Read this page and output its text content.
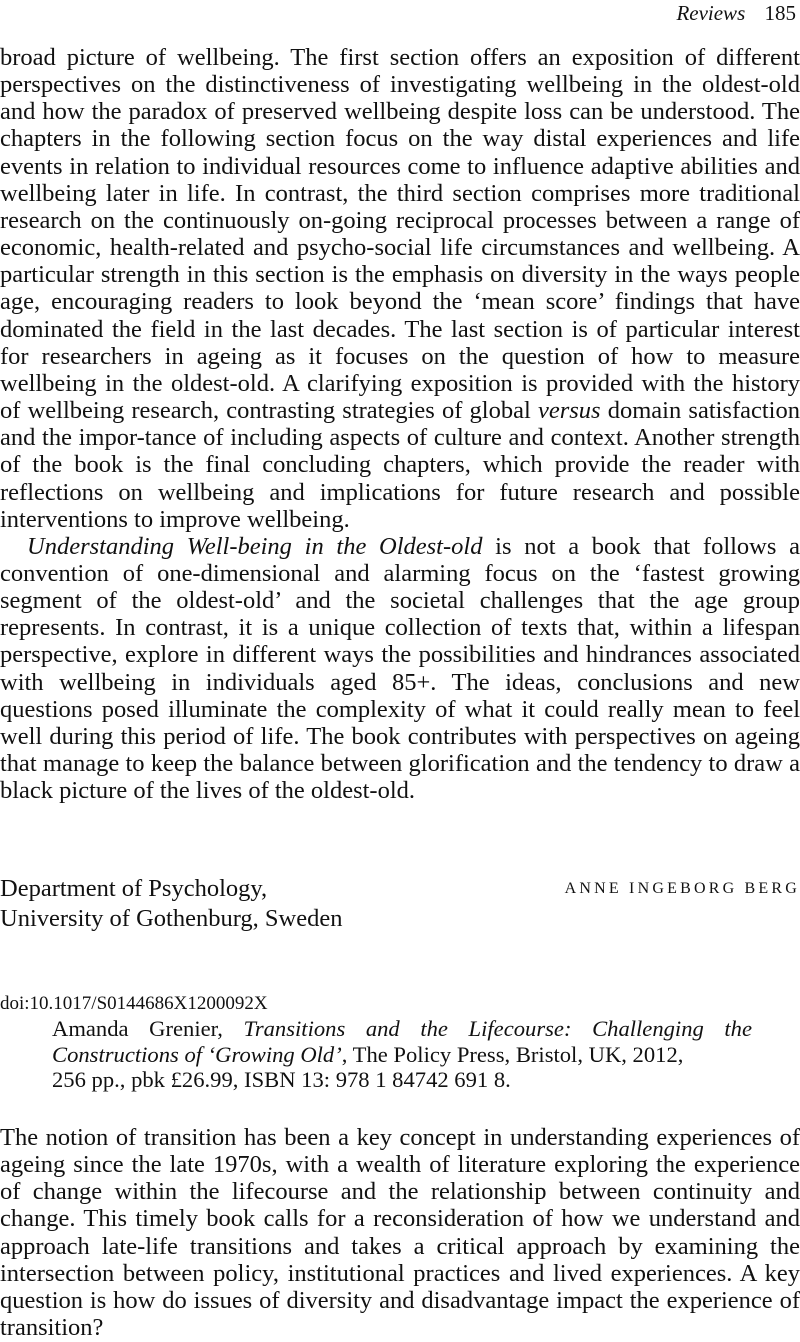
Reviews 185

broad picture of wellbeing. The first section offers an exposition of different perspectives on the distinctiveness of investigating wellbeing in the oldest-old and how the paradox of preserved wellbeing despite loss can be understood. The chapters in the following section focus on the way distal experiences and life events in relation to individual resources come to influence adaptive abilities and wellbeing later in life. In contrast, the third section comprises more traditional research on the continuously on-going reciprocal processes between a range of economic, health-related and psycho-social life circumstances and wellbeing. A particular strength in this section is the emphasis on diversity in the ways people age, encouraging readers to look beyond the ‘mean score’ findings that have dominated the field in the last decades. The last section is of particular interest for researchers in ageing as it focuses on the question of how to measure wellbeing in the oldest-old. A clarifying exposition is provided with the history of wellbeing research, contrasting strategies of global versus domain satisfaction and the impor-tance of including aspects of culture and context. Another strength of the book is the final concluding chapters, which provide the reader with reflections on wellbeing and implications for future research and possible interventions to improve wellbeing.

Understanding Well-being in the Oldest-old is not a book that follows a convention of one-dimensional and alarming focus on the ‘fastest growing segment of the oldest-old’ and the societal challenges that the age group represents. In contrast, it is a unique collection of texts that, within a lifespan perspective, explore in different ways the possibilities and hindrances associated with wellbeing in individuals aged 85+. The ideas, conclusions and new questions posed illuminate the complexity of what it could really mean to feel well during this period of life. The book contributes with perspectives on ageing that manage to keep the balance between glorification and the tendency to draw a black picture of the lives of the oldest-old.

Department of Psychology,
University of Gothenburg, Sweden
ANNE INGEBORG BERG
doi:10.1017/S0144686X1200092X
Amanda Grenier, Transitions and the Lifecourse: Challenging the
Constructions of ‘Growing Old’, The Policy Press, Bristol, UK, 2012,
256 pp., pbk £26.99, ISBN 13: 978 1 84742 691 8.

The notion of transition has been a key concept in understanding experiences of ageing since the late 1970s, with a wealth of literature exploring the experience of change within the lifecourse and the relationship between continuity and change. This timely book calls for a reconsideration of how we understand and approach late-life transitions and takes a critical approach by examining the intersection between policy, institutional practices and lived experiences. A key question is how do issues of diversity and disadvantage impact the experience of transition?
